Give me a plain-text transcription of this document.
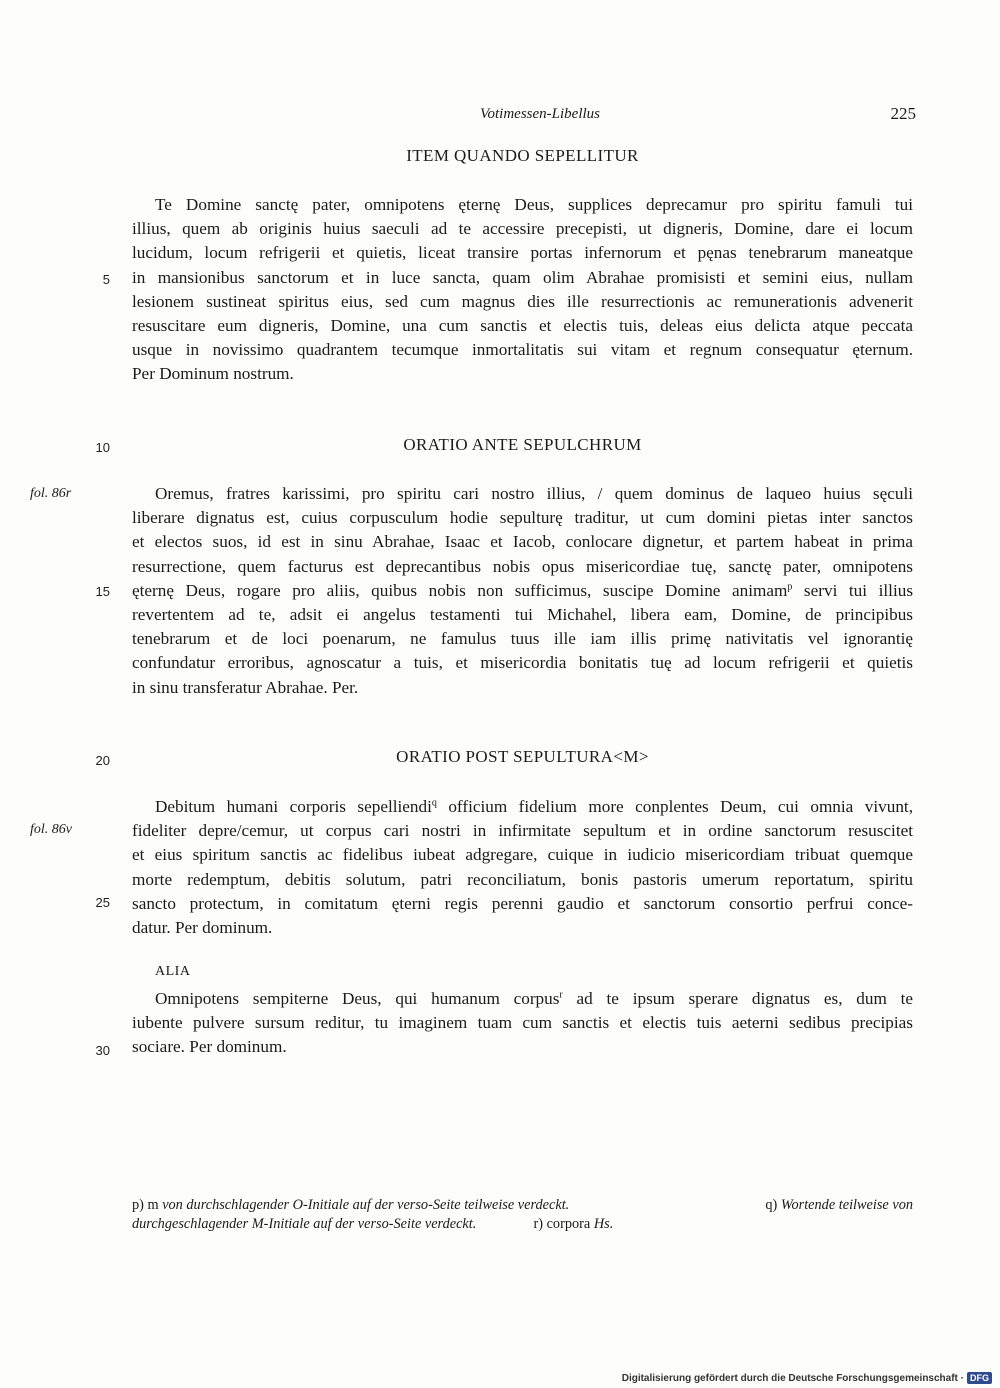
Votimessen-Libellus	225
ITEM QUANDO SEPELLITUR
Te Domine sanctę pater, omnipotens ęternę Deus, supplices deprecamur pro spiritu famuli tui
illius, quem ab originis huius saeculi ad te accessire precepisti, ut digneris, Domine, dare ei locum
lucidum, locum refrigerii et quietis, liceat transire portas infernorum et pęnas tenebrarum maneatque
in mansionibus sanctorum et in luce sancta, quam olim Abrahae promisisti et semini eius, nullam
lesionem sustineat spiritus eius, sed cum magnus dies ille resurrectionis ac remunerationis advenerit
resuscitare eum digneris, Domine, una cum sanctis et electis tuis, deleas eius delicta atque peccata
usque in novissimo quadrantem tecumque inmortalitatis sui vitam et regnum consequatur ęternum.
Per Dominum nostrum.
ORATIO ANTE SEPULCHRUM
Oremus, fratres karissimi, pro spiritu cari nostro illius, / quem dominus de laqueo huius sęculi
liberare dignatus est, cuius corpusculum hodie sepulturę traditur, ut cum domini pietas inter sanctos
et electos suos, id est in sinu Abrahae, Isaac et Iacob, conlocare dignetur, et partem habeat in prima
resurrectione, quem facturus est deprecantibus nobis opus misericordiae tuę, sanctę pater, omnipotens
ęternę Deus, rogare pro aliis, quibus nobis non sufficimus, suscipe Domine animam$^p$ servi tui illius
revertentem ad te, adsit ei angelus testamenti tui Michahel, libera eam, Domine, de principibus
tenebrarum et de loci poenarum, ne famulus tuus ille iam illis primę nativitatis vel ignorantię
confundatur erroribus, agnoscatur a tuis, et misericordia bonitatis tuę ad locum refrigerii et quietis
in sinu transferatur Abrahae. Per.
ORATIO POST SEPULTURA<M>
Debitum humani corporis sepelliendi$^q$ officium fidelium more conplentes Deum, cui omnia vivunt,
fideliter depre/cemur, ut corpus cari nostri in infirmitate sepultum et in ordine sanctorum resuscitet
et eius spiritum sanctis ac fidelibus iubeat adgregare, cuique in iudicio misericordiam tribuat quemque
morte redemptum, debitis solutum, patri reconciliatum, bonis pastoris umerum reportatum, spiritu
sancto protectum, in comitatum ęterni regis perenni gaudio et sanctorum consortio perfrui conce-
datur. Per dominum.
ALIA
Omnipotens sempiterne Deus, qui humanum corpus$^r$ ad te ipsum sperare dignatus es, dum te
iubente pulvere sursum reditur, tu imaginem tuam cum sanctis et electis tuis aeterni sedibus precipias
sociare. Per dominum.
5
10
15
20
25
30
fol. 86r
fol. 86v
p) m von durchschlagender O-Initiale auf der verso-Seite teilweise verdeckt.	q) Wortende teilweise von
durchgeschlagender M-Initiale auf der verso-Seite verdeckt.	r) corpora Hs.
Digitalisierung gefördert durch die Deutsche Forschungsgemeinschaft · DFG
